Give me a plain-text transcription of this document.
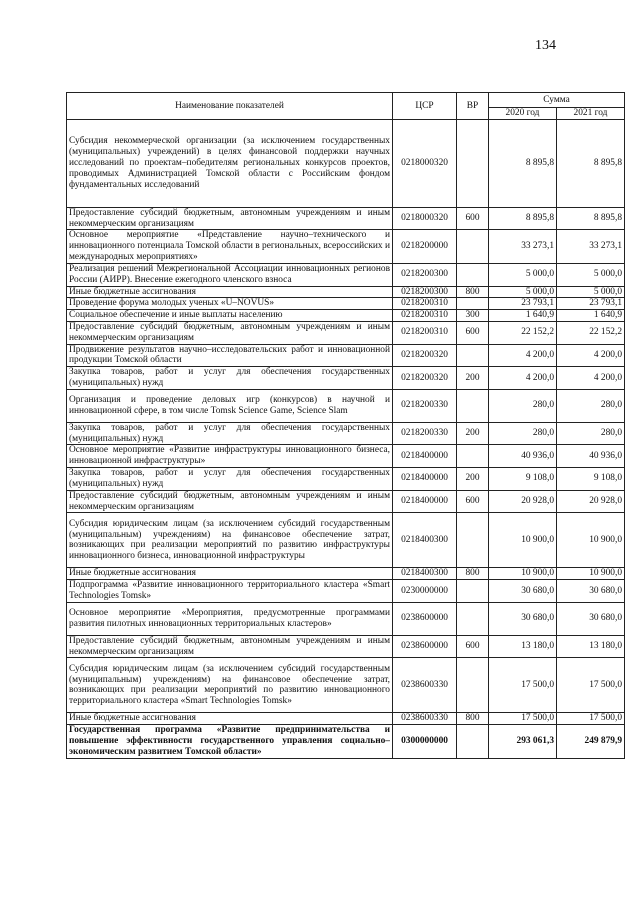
134
Наименование показателей	ЦСР	ВР	Сумма	
			2020 год	2021 год
Субсидия некоммерческой организации (за исключением государственных (муниципальных) учреждений) в целях финансовой поддержки научных исследований по проектам–победителям региональных конкурсов проектов, проводимых Администрацией Томской области с Российским фондом фундаментальных исследований	0218000320		8 895,8	8 895,8
Предоставление субсидий бюджетным, автономным учреждениям и иным некоммерческим организациям	0218000320	600	8 895,8	8 895,8
Основное мероприятие «Представление научно–технического и инновационного потенциала Томской области в региональных, всероссийских и международных мероприятиях»	0218200000		33 273,1	33 273,1
Реализация решений Межрегиональной Ассоциации инновационных регионов России (АИРР). Внесение ежегодного членского взноса	0218200300		5 000,0	5 000,0
Иные бюджетные ассигнования	0218200300	800	5 000,0	5 000,0
Проведение форума молодых ученых «U–NOVUS»	0218200310		23 793,1	23 793,1
Социальное обеспечение и иные выплаты населению	0218200310	300	1 640,9	1 640,9
Предоставление субсидий бюджетным, автономным учреждениям и иным некоммерческим организациям	0218200310	600	22 152,2	22 152,2
Продвижение результатов научно–исследовательских работ и инновационной продукции Томской области	0218200320		4 200,0	4 200,0
Закупка товаров, работ и услуг для обеспечения государственных (муниципальных) нужд	0218200320	200	4 200,0	4 200,0
Организация и проведение деловых игр (конкурсов) в научной и инновационной сфере, в том числе Tomsk Science Game, Science Slam	0218200330		280,0	280,0
Закупка товаров, работ и услуг для обеспечения государственных (муниципальных) нужд	0218200330	200	280,0	280,0
Основное мероприятие «Развитие инфраструктуры инновационного бизнеса, инновационной инфраструктуры»	0218400000		40 936,0	40 936,0
Закупка товаров, работ и услуг для обеспечения государственных (муниципальных) нужд	0218400000	200	9 108,0	9 108,0
Предоставление субсидий бюджетным, автономным учреждениям и иным некоммерческим организациям	0218400000	600	20 928,0	20 928,0
Субсидия юридическим лицам (за исключением субсидий государственным (муниципальным) учреждениям) на финансовое обеспечение затрат, возникающих при реализации мероприятий по развитию инфраструктуры инновационного бизнеса, инновационной инфраструктуры	0218400300		10 900,0	10 900,0
Иные бюджетные ассигнования	0218400300	800	10 900,0	10 900,0
Подпрограмма «Развитие инновационного территориального кластера «Smart Technologies Tomsk»	0230000000		30 680,0	30 680,0
Основное мероприятие «Мероприятия, предусмотренные программами развития пилотных инновационных территориальных кластеров»	0238600000		30 680,0	30 680,0
Предоставление субсидий бюджетным, автономным учреждениям и иным некоммерческим организациям	0238600000	600	13 180,0	13 180,0
Субсидия юридическим лицам (за исключением субсидий государственным (муниципальным) учреждениям) на финансовое обеспечение затрат, возникающих при реализации мероприятий по развитию инновационного территориального кластера «Smart Technologies Tomsk»	0238600330		17 500,0	17 500,0
Иные бюджетные ассигнования	0238600330	800	17 500,0	17 500,0
Государственная программа «Развитие предпринимательства и повышение эффективности государственного управления социально–экономическим развитием Томской области»	0300000000		293 061,3	249 879,9
